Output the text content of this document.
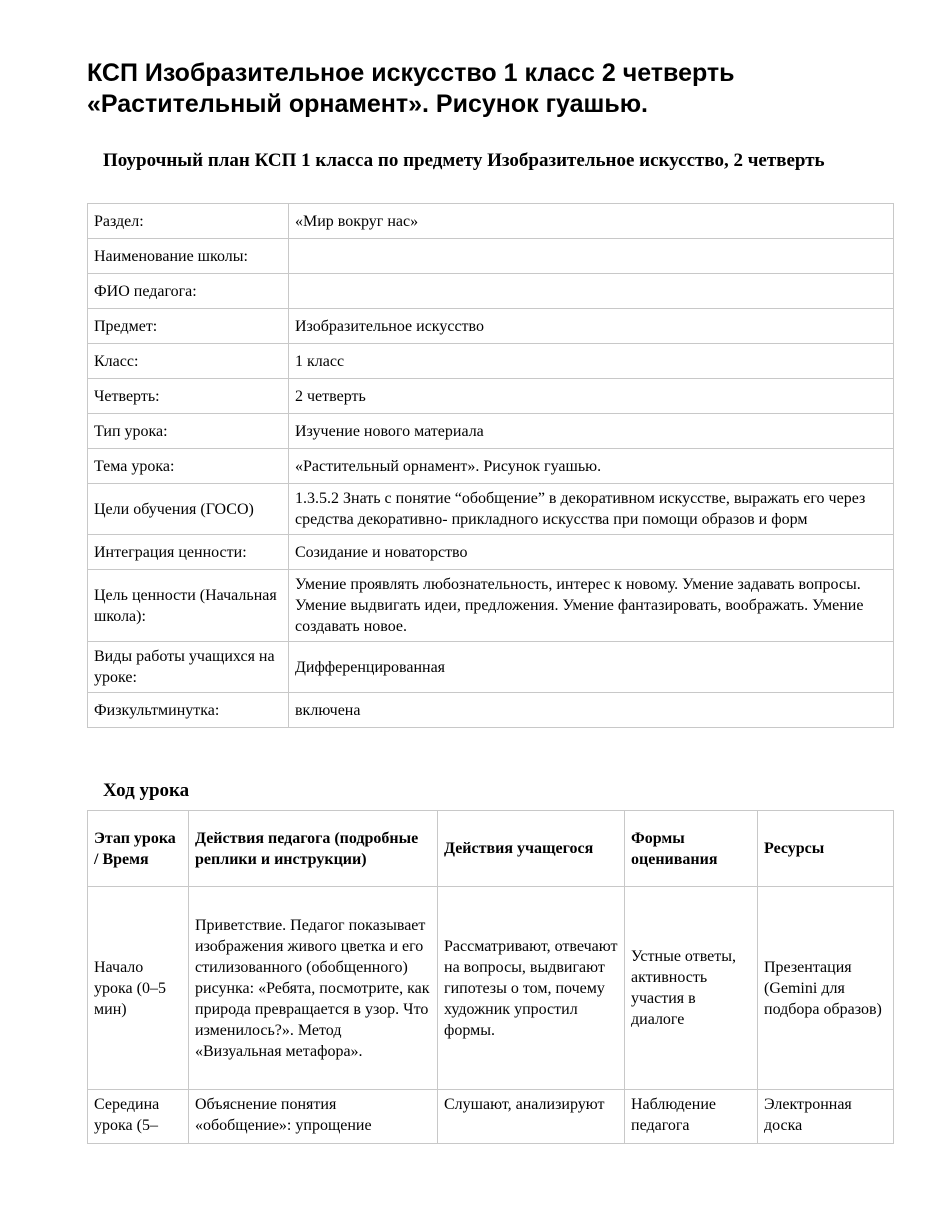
КСП Изобразительное искусство 1 класс 2 четверть «Растительный орнамент». Рисунок гуашью.
Поурочный план КСП 1 класса по предмету Изобразительное искусство, 2 четверть
Раздел:	«Мир вокруг нас»
Наименование школы:	
ФИО педагога:	
Предмет:	Изобразительное искусство
Класс:	1 класс
Четверть:	2 четверть
Тип урока:	Изучение нового материала
Тема урока:	«Растительный орнамент». Рисунок гуашью.
Цели обучения (ГОСО)	1.3.5.2 Знать с понятие “обобщение” в декоративном искусстве, выражать его через средства декоративно- прикладного искусства при помощи образов и форм
Интеграция ценности:	Созидание и новаторство
Цель ценности (Начальная школа):	Умение проявлять любознательность, интерес к новому. Умение задавать вопросы. Умение выдвигать идеи, предложения. Умение фантазировать, воображать. Умение создавать новое.
Виды работы учащихся на уроке:	Дифференцированная
Физкультминутка:	включена
Ход урока
Этап урока / Время	Действия педагога (подробные реплики и инструкции)	Действия учащегося	Формы оценивания	Ресурсы
Начало урока (0–5 мин)	Приветствие. Педагог показывает изображения живого цветка и его стилизованного (обобщенного) рисунка: «Ребята, посмотрите, как природа превращается в узор. Что изменилось?». Метод «Визуальная метафора».	Рассматривают, отвечают на вопросы, выдвигают гипотезы о том, почему художник упростил формы.	Устные ответы, активность участия в диалоге	Презентация (Gemini для подбора образов)
Середина урока (5–	Объяснение понятия «обобщение»: упрощение	Слушают, анализируют	Наблюдение педагога	Электронная доска
